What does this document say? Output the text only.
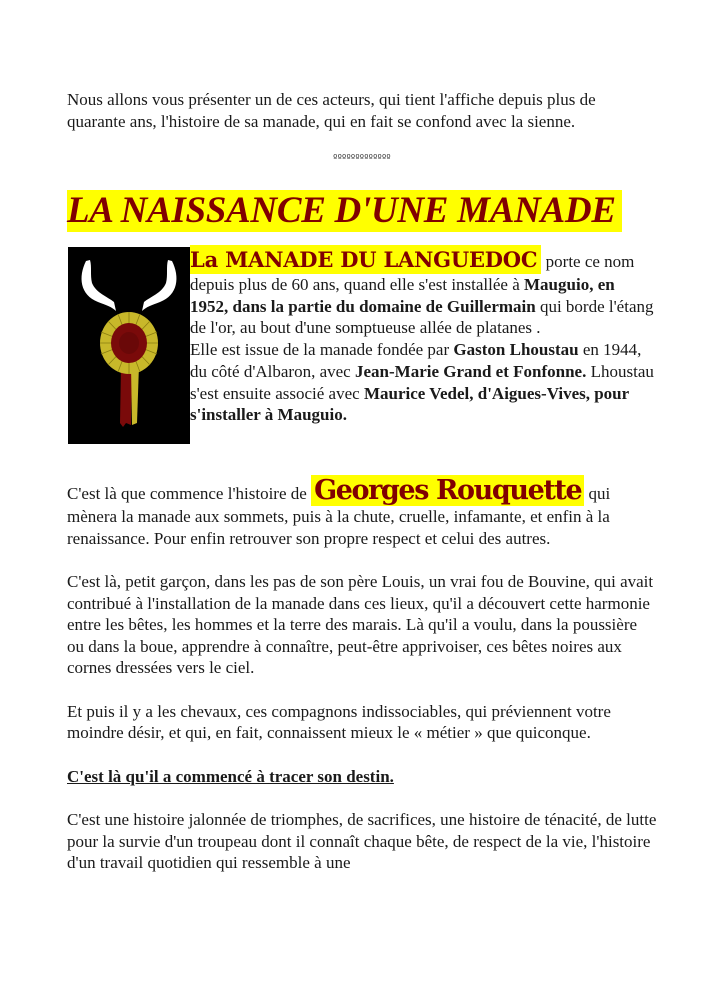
Nous allons vous présenter un de ces acteurs, qui tient l'affiche depuis plus de quarante ans, l'histoire de sa manade, qui en fait se confond avec la sienne.

ººººººººººººº
LA NAISSANCE D'UNE MANADE

La MANADE DU LANGUEDOC porte ce nom depuis plus de 60 ans, quand elle s'est installée à Mauguio, en 1952, dans la partie du domaine de Guillermain qui borde l'étang de l'or, au bout d'une somptueuse allée de platanes .
Elle est issue de la manade fondée par Gaston Lhoustau en 1944, du côté d'Albaron, avec Jean-Marie Grand et Fonfonne. Lhoustau s'est ensuite associé avec Maurice Vedel, d'Aigues-Vives, pour s'installer à Mauguio.

C'est là que commence l'histoire de Georges Rouquette qui mènera la manade aux sommets, puis à la chute, cruelle, infamante, et enfin à la renaissance. Pour enfin retrouver son propre respect et celui des autres.

C'est là, petit garçon, dans les pas de son père Louis, un vrai fou de Bouvine, qui avait contribué à l'installation de la manade dans ces lieux, qu'il a découvert cette harmonie entre les bêtes, les hommes et la terre des marais. Là qu'il a voulu, dans la poussière ou dans la boue, apprendre à connaître, peut-être apprivoiser, ces bêtes noires aux cornes dressées vers le ciel.

Et puis il y a les chevaux, ces compagnons indissociables, qui préviennent votre moindre désir, et qui, en fait, connaissent mieux le « métier » que quiconque.

C'est là qu'il a commencé à tracer son destin.

C'est une histoire jalonnée de triomphes, de sacrifices, une histoire de ténacité, de lutte pour la survie d'un troupeau dont il connaît chaque bête, de respect de la vie, l'histoire d'un travail quotidien qui ressemble à une
